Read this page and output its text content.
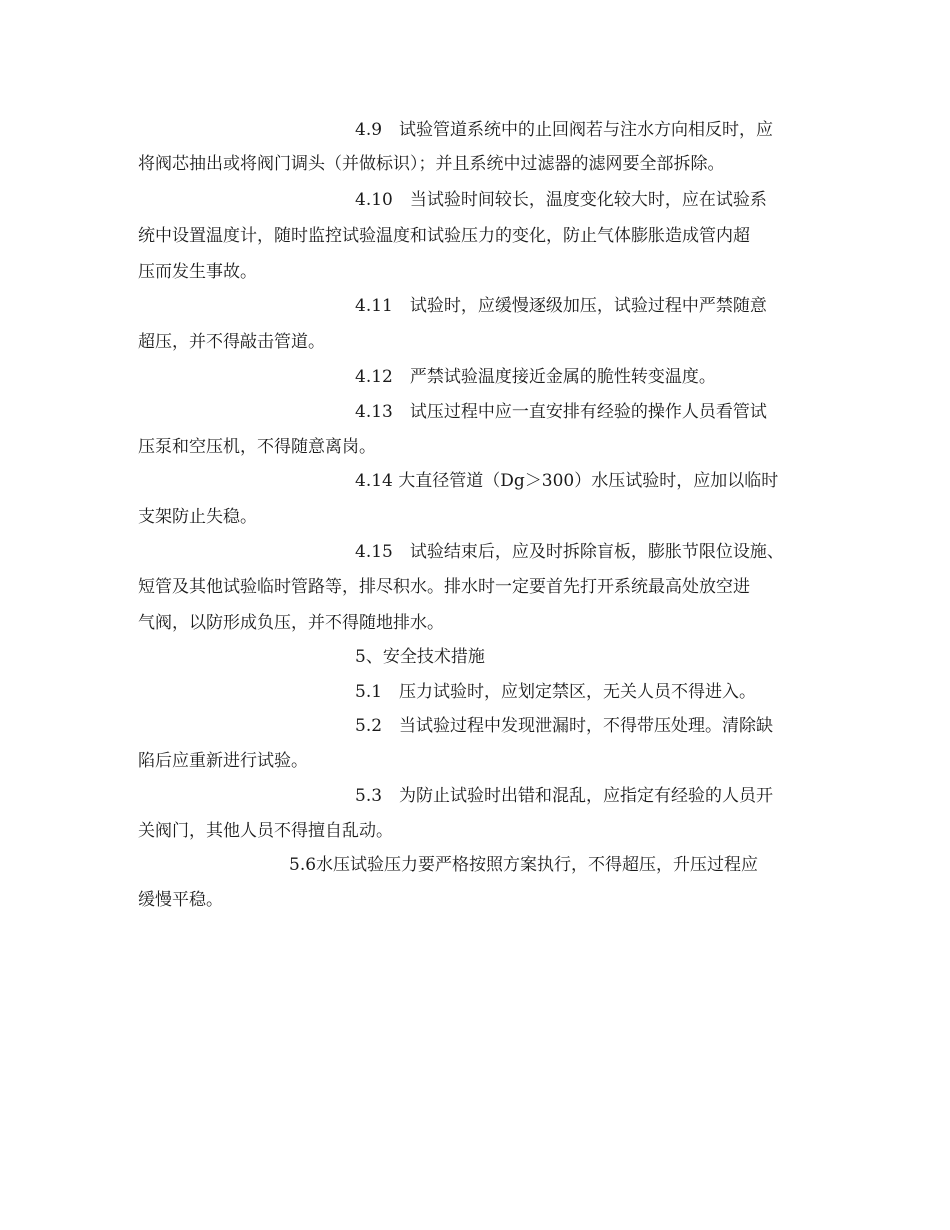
4.9　试验管道系统中的止回阀若与注水方向相反时，应
将阀芯抽出或将阀门调头（并做标识）；并且系统中过滤器的滤网要全部拆除。
4.10　当试验时间较长，温度变化较大时，应在试验系
统中设置温度计，随时监控试验温度和试验压力的变化，防止气体膨胀造成管内超
压而发生事故。
4.11　试验时，应缓慢逐级加压，试验过程中严禁随意
超压，并不得敲击管道。
4.12　严禁试验温度接近金属的脆性转变温度。
4.13　试压过程中应一直安排有经验的操作人员看管试
压泵和空压机，不得随意离岗。
4.14 大直径管道（Dg＞300）水压试验时，应加以临时
支架防止失稳。
4.15　试验结束后，应及时拆除盲板，膨胀节限位设施、
短管及其他试验临时管路等，排尽积水。排水时一定要首先打开系统最高处放空进
气阀，以防形成负压，并不得随地排水。
5、安全技术措施
5.1　压力试验时，应划定禁区，无关人员不得进入。
5.2　当试验过程中发现泄漏时，不得带压处理。清除缺
陷后应重新进行试验。
5.3　为防止试验时出错和混乱，应指定有经验的人员开
关阀门，其他人员不得擅自乱动。
5.6水压试验压力要严格按照方案执行，不得超压，升压过程应
缓慢平稳。
